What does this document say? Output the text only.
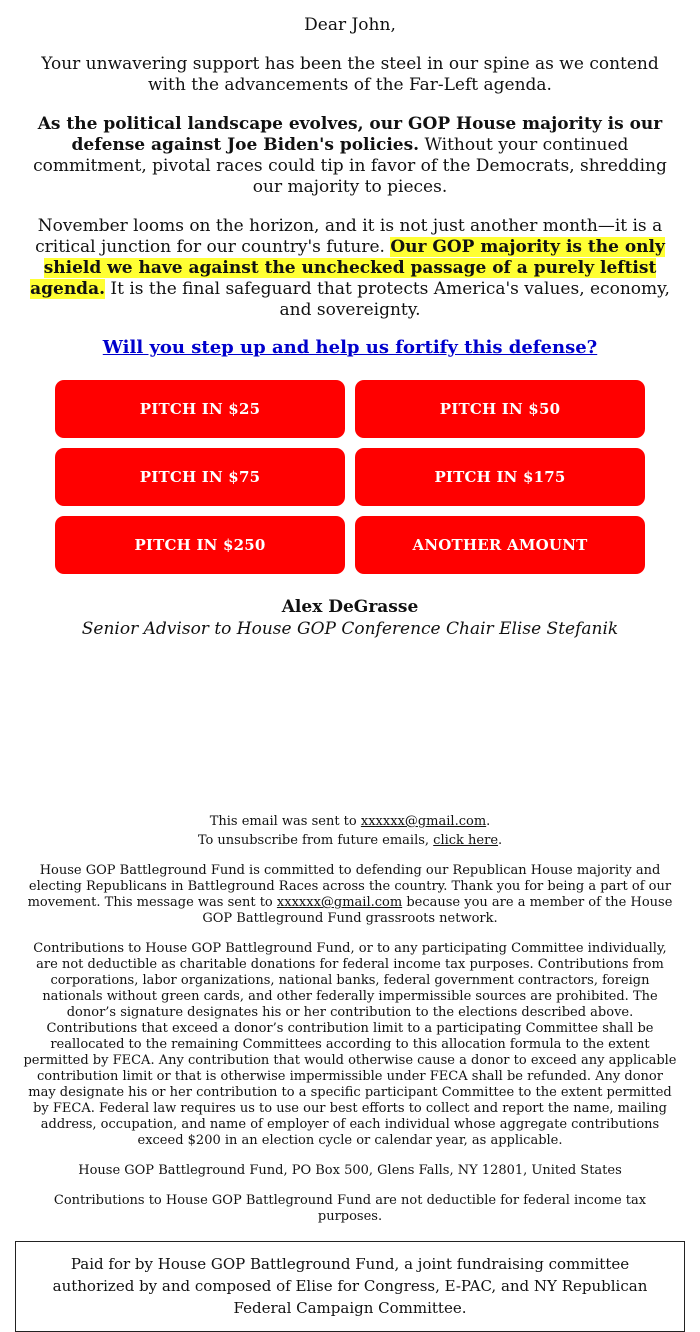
Dear John,

Your unwavering support has been the steel in our spine as we contend with the advancements of the Far-Left agenda.

As the political landscape evolves, our GOP House majority is our defense against Joe Biden's policies. Without your continued commitment, pivotal races could tip in favor of the Democrats, shredding our majority to pieces.

November looms on the horizon, and it is not just another month—it is a critical junction for our country's future. Our GOP majority is the only shield we have against the unchecked passage of a purely leftist agenda. It is the final safeguard that protects America's values, economy, and sovereignty.

Will you step up and help us fortify this defense?
PITCH IN $25	PITCH IN $50
PITCH IN $75	PITCH IN $175
PITCH IN $250	ANOTHER AMOUNT
Alex DeGrasse
Senior Advisor to House GOP Conference Chair Elise Stefanik

This email was sent to xxxxxx@gmail.com.

To unsubscribe from future emails, click here.

House GOP Battleground Fund is committed to defending our Republican House majority and electing Republicans in Battleground Races across the country. Thank you for being a part of our movement. This message was sent to xxxxxx@gmail.com because you are a member of the House GOP Battleground Fund grassroots network.

Contributions to House GOP Battleground Fund, or to any participating Committee individually, are not deductible as charitable donations for federal income tax purposes. Contributions from corporations, labor organizations, national banks, federal government contractors, foreign nationals without green cards, and other federally impermissible sources are prohibited. The donor’s signature designates his or her contribution to the elections described above. Contributions that exceed a donor’s contribution limit to a participating Committee shall be reallocated to the remaining Committees according to this allocation formula to the extent permitted by FECA. Any contribution that would otherwise cause a donor to exceed any applicable contribution limit or that is otherwise impermissible under FECA shall be refunded. Any donor may designate his or her contribution to a specific participant Committee to the extent permitted by FECA. Federal law requires us to use our best efforts to collect and report the name, mailing address, occupation, and name of employer of each individual whose aggregate contributions exceed $200 in an election cycle or calendar year, as applicable.

House GOP Battleground Fund, PO Box 500, Glens Falls, NY 12801, United States

Contributions to House GOP Battleground Fund are not deductible for federal income tax purposes.

Paid for by House GOP Battleground Fund, a joint fundraising committee authorized by and composed of Elise for Congress, E-PAC, and NY Republican Federal Campaign Committee.
